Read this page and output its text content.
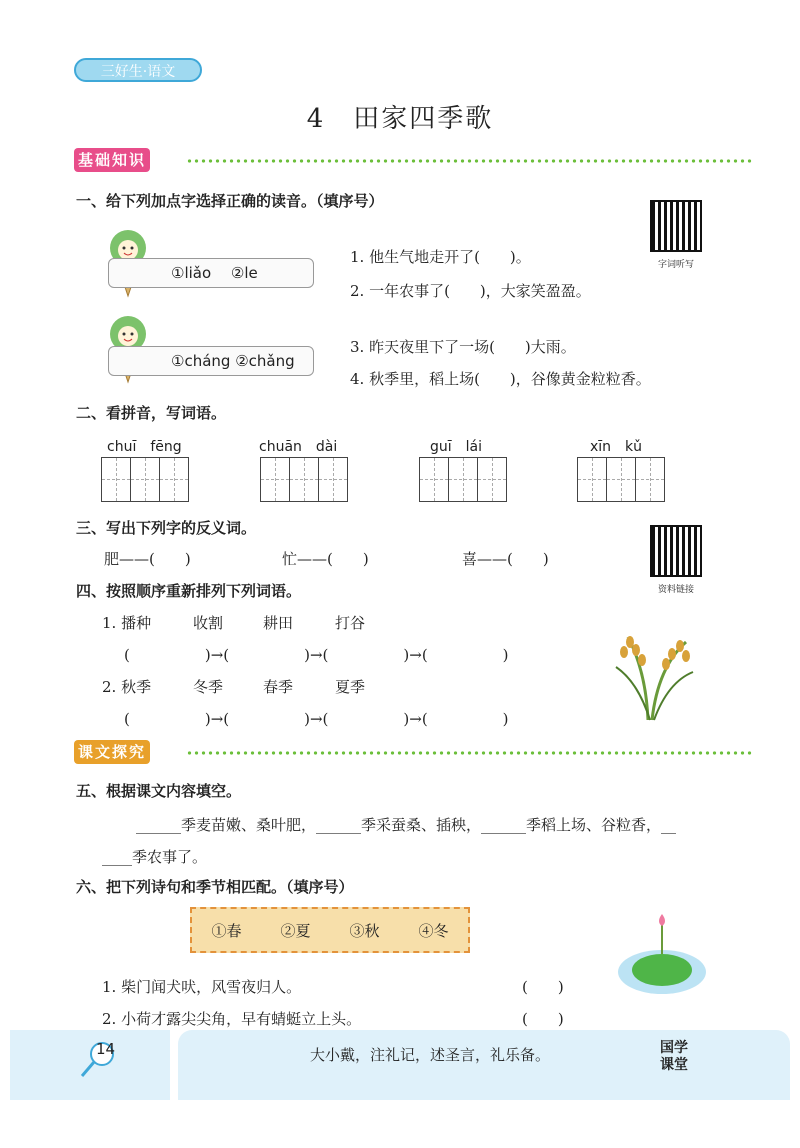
三好生·语文
4　田家四季歌
基础知识
一、给下列加点字选择正确的读音。（填序号）
①liǎo　 ②le
①cháng ②chǎng
1. 他生气地走开了(　　)。
2. 一年农事了(　　)，大家笑盈盈。
3. 昨天夜里下了一场(　　)大雨。
4. 秋季里，稻上场(　　)，谷像黄金粒粒香。
字词听写
二、看拼音，写词语。
chuī　fēng	chuān　dài	guī　lái	xīn　kǔ
三、写出下列字的反义词。
肥——(　　)	忙——(　　)	喜——(　　)
资料链接
四、按照顺序重新排列下列词语。
1. 播种	收割	耕田	打谷
(　　　　　)→(　　　　　)→(　　　　　)→(　　　　　)
2. 秋季	冬季	春季	夏季
(　　　　　)→(　　　　　)→(　　　　　)→(　　　　　)
课文探究
五、根据课文内容填空。
______季麦苗嫩、桑叶肥，______季采蚕桑、插秧，______季稻上场、谷粒香，__
____季农事了。
六、把下列诗句和季节相匹配。（填序号）
①春	②夏	③秋	④冬
1. 柴门闻犬吠，风雪夜归人。	(　　)
2. 小荷才露尖尖角，早有蜻蜓立上头。	(　　)
14	大小戴，注礼记，述圣言，礼乐备。	国学课堂
